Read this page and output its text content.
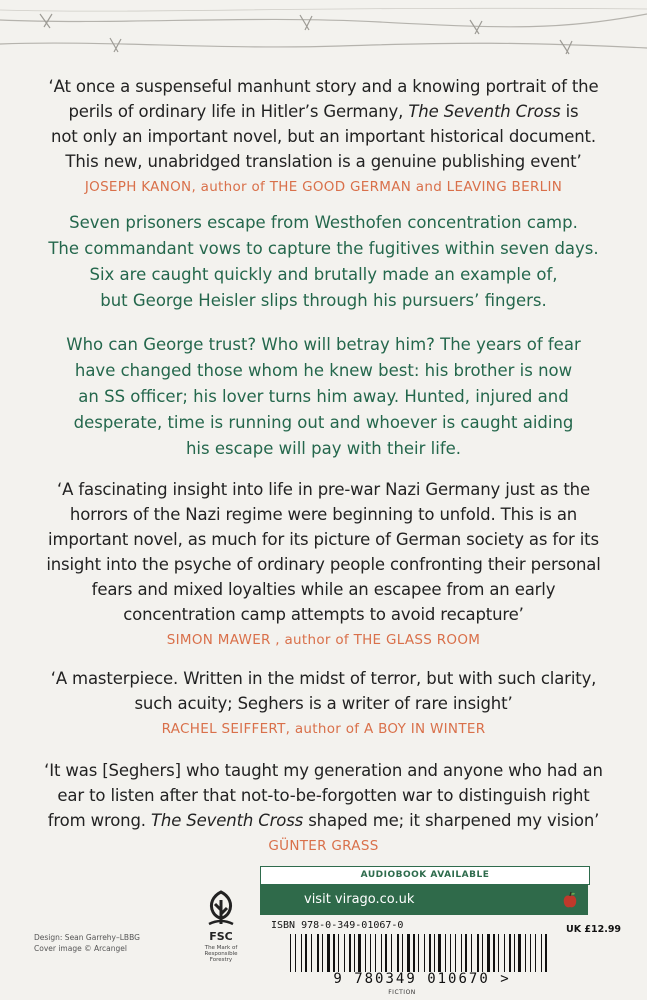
‘At once a suspenseful manhunt story and a knowing portrait of the

perils of ordinary life in Hitler’s Germany, The Seventh Cross is

not only an important novel, but an important historical document.

This new, unabridged translation is a genuine publishing event’

JOSEPH KANON, author of THE GOOD GERMAN and LEAVING BERLIN

Seven prisoners escape from Westhofen concentration camp.

The commandant vows to capture the fugitives within seven days.

Six are caught quickly and brutally made an example of,

but George Heisler slips through his pursuers’ fingers.

Who can George trust? Who will betray him? The years of fear

have changed those whom he knew best: his brother is now

an SS officer; his lover turns him away. Hunted, injured and

desperate, time is running out and whoever is caught aiding

his escape will pay with their life.

‘A fascinating insight into life in pre-war Nazi Germany just as the

horrors of the Nazi regime were beginning to unfold. This is an

important novel, as much for its picture of German society as for its

insight into the psyche of ordinary people confronting their personal

fears and mixed loyalties while an escapee from an early

concentration camp attempts to avoid recapture’

SIMON MAWER , author of THE GLASS ROOM

‘A masterpiece. Written in the midst of terror, but with such clarity,

such acuity; Seghers is a writer of rare insight’

RACHEL SEIFFERT, author of A BOY IN WINTER

‘It was [Seghers] who taught my generation and anyone who had an

ear to listen after that not-to-be-forgotten war to distinguish right

from wrong. The Seventh Cross shaped me; it sharpened my vision’

GÜNTER GRASS
Design: Sean Garrehy–LBBG
Cover image © Arcangel
FSC
The Mark of
Responsible
Forestry
AUDIOBOOK AVAILABLE
visit virago.co.uk
ISBN 978-0-349-01067-0	UK £12.99
9 780349 010670 >
FICTION
